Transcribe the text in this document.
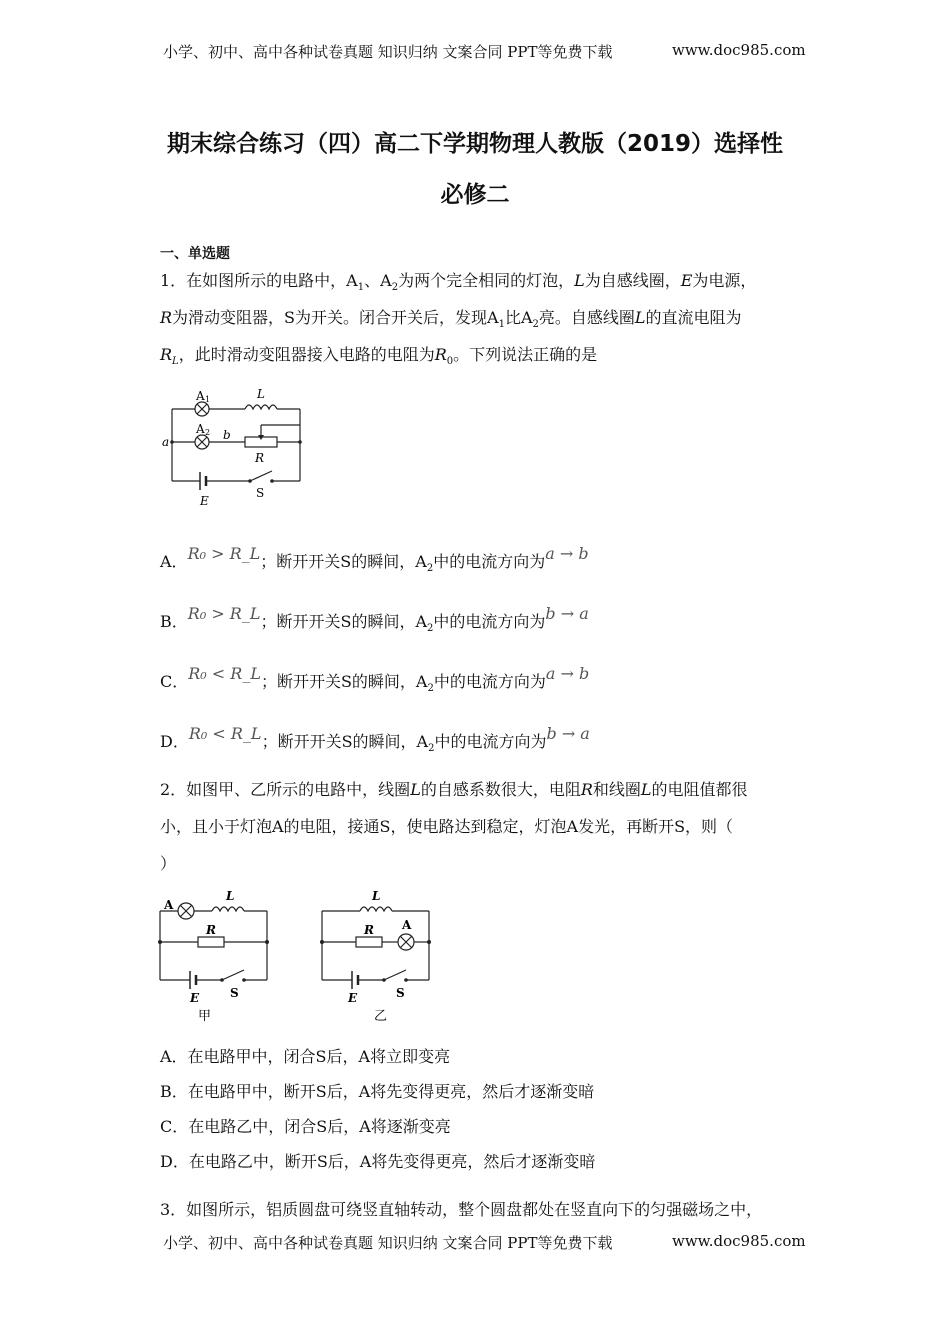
小学、初中、高中各种试卷真题 知识归纳 文案合同 PPT等免费下载	www.doc985.com
期末综合练习（四）高二下学期物理人教版（2019）选择性
必修二
一、单选题
1．在如图所示的电路中，$A_1$、$A_2$为两个完全相同的灯泡，L为自感线圈，E为电源，
R为滑动变阻器，S为开关。闭合开关后，发现$A_1$比$A_2$亮。自感线圈L的直流电阻为
$R_L$，此时滑动变阻器接入电路的电阻为$R_0$。下列说法正确的是
A 1
A 2
L
a	b
R
E
S
A．R₀ > R_L；断开开关S的瞬间，$A_2$中的电流方向为a → b
B．R₀ > R_L；断开开关S的瞬间，$A_2$中的电流方向为b → a
C．R₀ < R_L；断开开关S的瞬间，$A_2$中的电流方向为a → b
D．R₀ < R_L；断开开关S的瞬间，$A_2$中的电流方向为b → a
2．如图甲、乙所示的电路中，线圈L的自感系数很大，电阻R和线圈L的电阻值都很
小，且小于灯泡A的电阻，接通S，使电路达到稳定，灯泡A发光，再断开S，则（
）
A
L
R
E	S
甲
A
L
R
E	S
乙
A．在电路甲中，闭合S后，A将立即变亮
B．在电路甲中，断开S后，A将先变得更亮，然后才逐渐变暗
C．在电路乙中，闭合S后，A将逐渐变亮
D．在电路乙中，断开S后，A将先变得更亮，然后才逐渐变暗
3．如图所示，铝质圆盘可绕竖直轴转动，整个圆盘都处在竖直向下的匀强磁场之中，
小学、初中、高中各种试卷真题 知识归纳 文案合同 PPT等免费下载	www.doc985.com
